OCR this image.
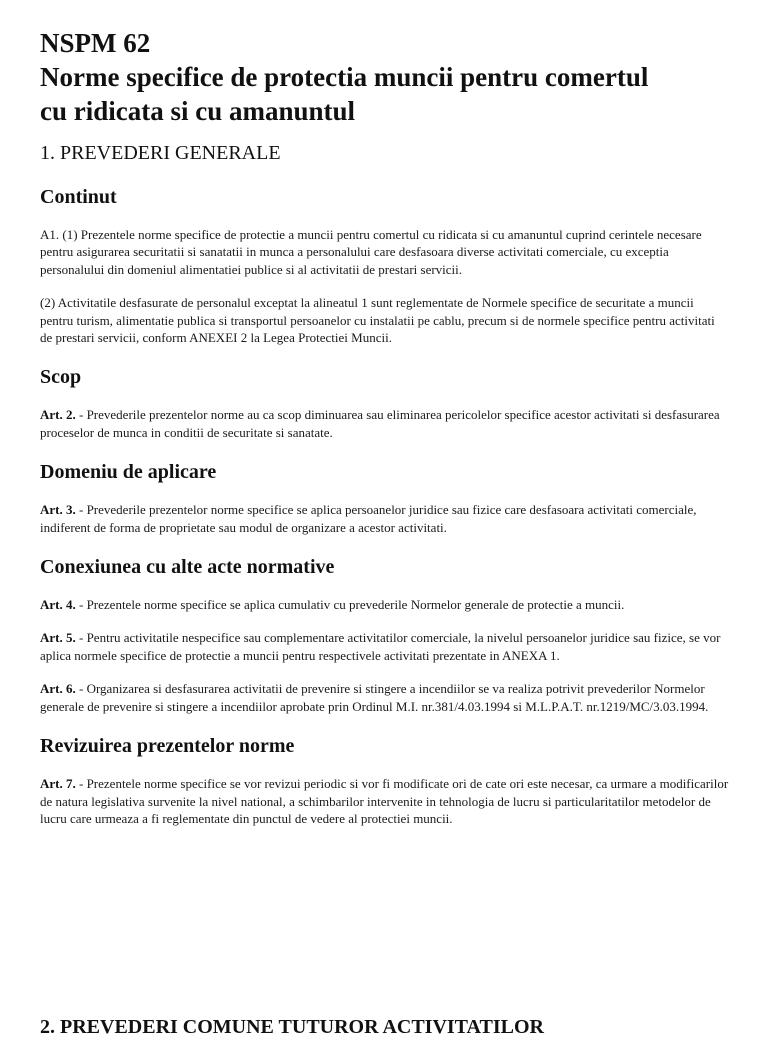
NSPM 62
Norme specifice de protectia muncii pentru comertul
cu ridicata si cu amanuntul
1. PREVEDERI GENERALE
Continut

A1. (1) Prezentele norme specifice de protectie a muncii pentru comertul cu ridicata si cu amanuntul cuprind cerintele necesare pentru asigurarea securitatii si sanatatii in munca a personalului care desfasoara diverse activitati comerciale, cu exceptia personalului din domeniul alimentatiei publice si al activitatii de prestari servicii.

(2) Activitatile desfasurate de personalul exceptat la alineatul 1 sunt reglementate de Normele specifice de securitate a muncii pentru turism, alimentatie publica si transportul persoanelor cu instalatii pe cablu, precum si de normele specifice pentru activitati de prestari servicii, conform ANEXEI 2 la Legea Protectiei Muncii.

Scop

Art. 2. - Prevederile prezentelor norme au ca scop diminuarea sau eliminarea pericolelor specifice acestor activitati si desfasurarea proceselor de munca in conditii de securitate si sanatate.

Domeniu de aplicare

Art. 3. - Prevederile prezentelor norme specifice se aplica persoanelor juridice sau fizice care desfasoara activitati comerciale, indiferent de forma de proprietate sau modul de organizare a acestor activitati.

Conexiunea cu alte acte normative

Art. 4. - Prezentele norme specifice se aplica cumulativ cu prevederile Normelor generale de protectie a muncii.

Art. 5. - Pentru activitatile nespecifice sau complementare activitatilor comerciale, la nivelul persoanelor juridice sau fizice, se vor aplica normele specifice de protectie a muncii pentru respectivele activitati prezentate in ANEXA 1.

Art. 6. - Organizarea si desfasurarea activitatii de prevenire si stingere a incendiilor se va realiza potrivit prevederilor Normelor generale de prevenire si stingere a incendiilor aprobate prin Ordinul M.I. nr.381/4.03.1994 si M.L.P.A.T. nr.1219/MC/3.03.1994.

Revizuirea prezentelor norme

Art. 7. - Prezentele norme specifice se vor revizui periodic si vor fi modificate ori de cate ori este necesar, ca urmare a modificarilor de natura legislativa survenite la nivel national, a schimbarilor intervenite in tehnologia de lucru si particularitatilor metodelor de lucru care urmeaza a fi reglementate din punctul de vedere al protectiei muncii.

2. PREVEDERI COMUNE TUTUROR ACTIVITATILOR
